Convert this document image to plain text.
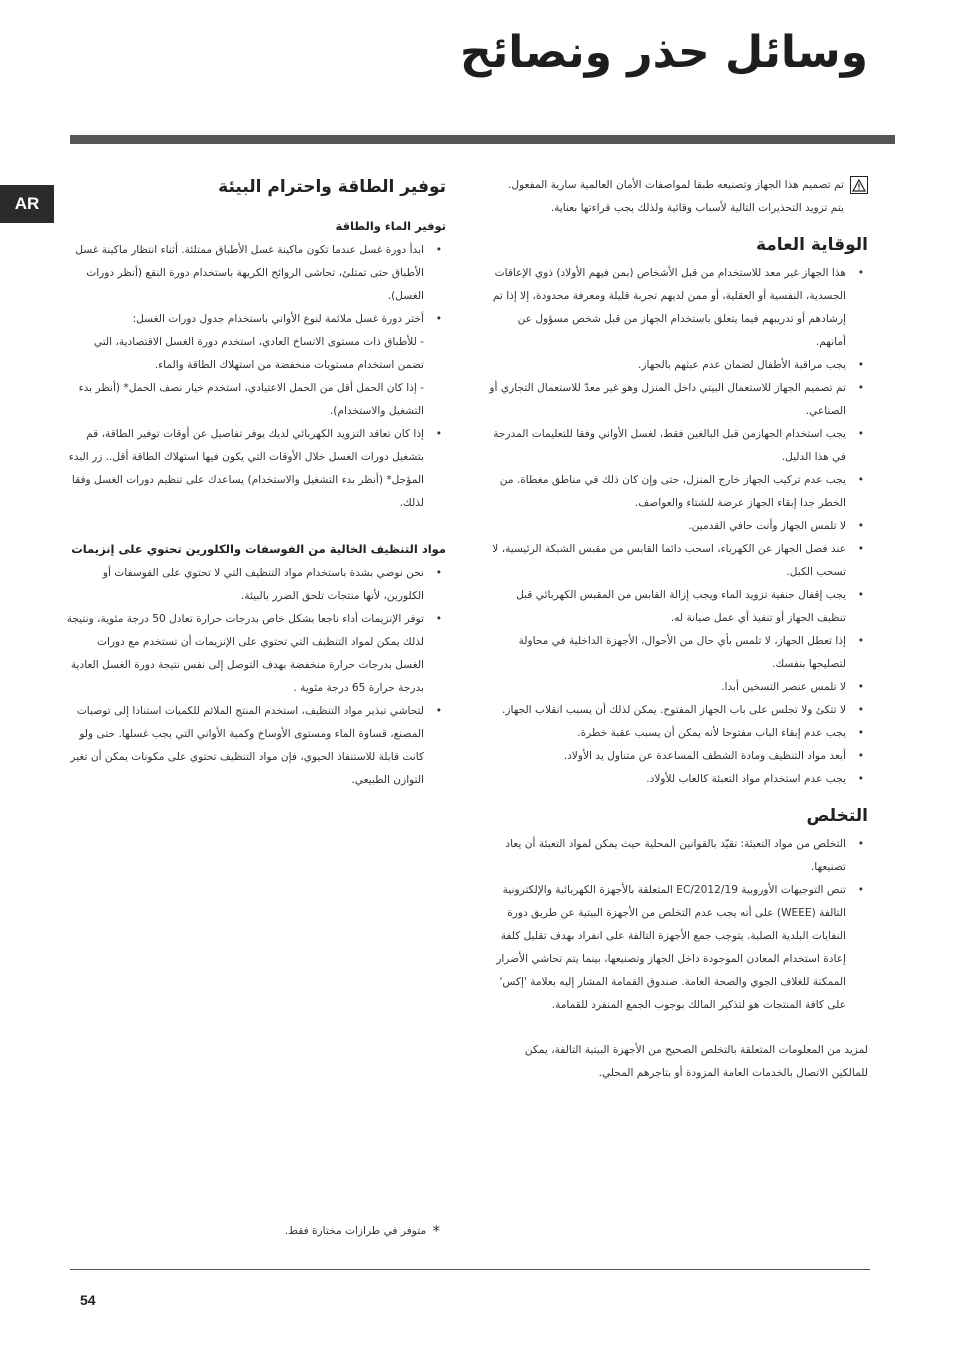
وسائل حذر ونصائح
AR
تم تصميم هذا الجهاز وتصنيعه طبقا لمواصفات الأمان العالمية سارية المفعول.
يتم تزويد التحذيرات التالية لأسباب وقائية ولذلك يجب قراءتها بعناية.
الوقاية العامة
• هذا الجهاز غير معد للاستخدام من قبل الأشخاص (بمن فيهم الأولاد) ذوي الإعاقات الجسدية، النفسية أو العقلية، أو ممن لديهم تجربة قليلة ومعرفة محدودة، إلا إذا تم إرشادهم أو تدريبهم فيما يتعلق باستخدام الجهاز من قبل شخص مسؤول عن أمانهم.
• يجب مراقبة الأطفال لضمان عدم عبثهم بالجهاز.
• تم تصميم الجهاز للاستعمال البيتي داخل المنزل وهو غير معدّ للاستعمال التجاري أو الصناعي.
• يجب استخدام الجهازمن قبل البالغين فقط، لغسل الأواني وفقا للتعليمات المدرجة في هذا الدليل.
• يجب عدم تركيب الجهاز خارج المنزل، حتى وإن كان ذلك في مناطق مغطاة. من الخطر جدا إبقاء الجهاز عرضة للشتاء والعواصف.
• لا تلمس الجهاز وأنت حافي القدمين.
• عند فصل الجهاز عن الكهرباء، اسحب دائما القابس من مقبس الشبكة الرئيسية، لا تسحب الكبل.
• يجب إقفال حنفية تزويد الماء ويجب إزالة القابس من المقبس الكهربائي قبل تنظيف الجهاز أو تنفيذ أي عمل صيانة له.
• إذا تعطل الجهاز، لا تلمس بأي حال من الأحوال، الأجهزة الداخلية في محاولة لتصليحها بنفسك.
• لا تلمس عنصر التسخين أبدا.
• لا تتكئ ولا تجلس على باب الجهاز المفتوح. يمكن لذلك أن يسبب انقلاب الجهاز.
• يجب عدم إبقاء الباب مفتوحا لأنه يمكن أن يسبب عقبة خطرة.
• أبعد مواد التنظيف ومادة الشطف المساعدة عن متناول يد الأولاد.
• يجب عدم استخدام مواد التعبئة كالعاب للأولاد.
التخلص
• التخلص من مواد التعبئة: تقيّد بالقوانين المحلية حيث يمكن لمواد التعبئة أن يعاد تصنيعها.
• تنص التوجيهات الأوروبية 2012/19/EC المتعلقة بالأجهزة الكهربائية والإلكترونية التالفة (WEEE) على أنه يجب عدم التخلص من الأجهزة البيتية عن طريق دورة النفايات البلدية الصلبة. يتوجب جمع الأجهزة التالفة على انفراد بهدف تقليل كلفة إعادة استخدام المعادن الموجودة داخل الجهاز وتصنيعها، بينما يتم تحاشي الأضرار الممكنة للغلاف الجوي والصحة العامة. صندوق القمامة المشار إليه بعلامة 'إكس' على كافة المنتجات هو لتذكير المالك بوجوب الجمع المنفرد للقمامة.
لمزيد من المعلومات المتعلقة بالتخلص الصحيح من الأجهزة البيتية التالفة، يمكن للمالكين الاتصال بالخدمات العامة المزودة أو بتاجرهم المحلي.
توفير الطاقة واحترام البيئة
توفير الماء والطاقة
• ابدأ دورة غسل عندما تكون ماكينة غسل الأطباق ممتلئة. أثناء انتظار ماكينة غسل الأطباق حتى تمتلئ، تحاشى الروائح الكريهة باستخدام دورة النقع (أنظر دورات الغسل).
• أختر دورة غسل ملائمة لنوع الأواني باستخدام جدول دورات الغسل:
- للأطباق ذات مستوى الاتساخ العادي، استخدم دورة الغسل الاقتصادية، التي تضمن استخدام مستويات منخفضة من استهلاك الطاقة والماء.
- إذا كان الحمل أقل من الحمل الاعتيادي، استخدم خيار نصف الحمل* (أنظر بدء التشغيل والاستخدام).
• إذا كان تعاقد التزويد الكهربائي لديك يوفر تفاصيل عن أوقات توفير الطاقة، قم بتشغيل دورات الغسل خلال الأوقات التي يكون فيها استهلاك الطاقة أقل.. زر البدء المؤجل* (أنظر بدء التشغيل والاستخدام) يساعدك على تنظيم دورات الغسل وفقا لذلك.
مواد التنظيف الخالية من الفوسفات والكلورين تحتوي على إنزيمات
• نحن نوصي بشدة باستخدام مواد التنظيف التي لا تحتوي على الفوسفات أو الكلورين، لأنها منتجات تلحق الضرر بالبيئة.
• توفر الإنزيمات أداء ناجعا بشكل خاص بدرجات حرارة تعادل 50 درجة مئوية، ونتيجة لذلك يمكن لمواد التنظيف التي تحتوي على الإنزيمات أن تستخدم مع دورات الغسل بدرجات حرارة منخفضة بهدف التوصل إلى نفس نتيجة دورة الغسل العادية بدرجة حرارة 65 درجة مئوية .
• لتحاشي تبذير مواد التنظيف، استخدم المنتج الملائم للكميات استنادا إلى توصيات المصنع، قساوة الماء ومستوى الأوساخ وكمية الأواني التي يجب غسلها. حتى ولو كانت قابلة للاستنفاذ الحيوي، فإن مواد التنظيف تحتوي على مكونات يمكن أن تغير التوازن الطبيعي.
* متوفر في طرازات مختارة فقط.
54
